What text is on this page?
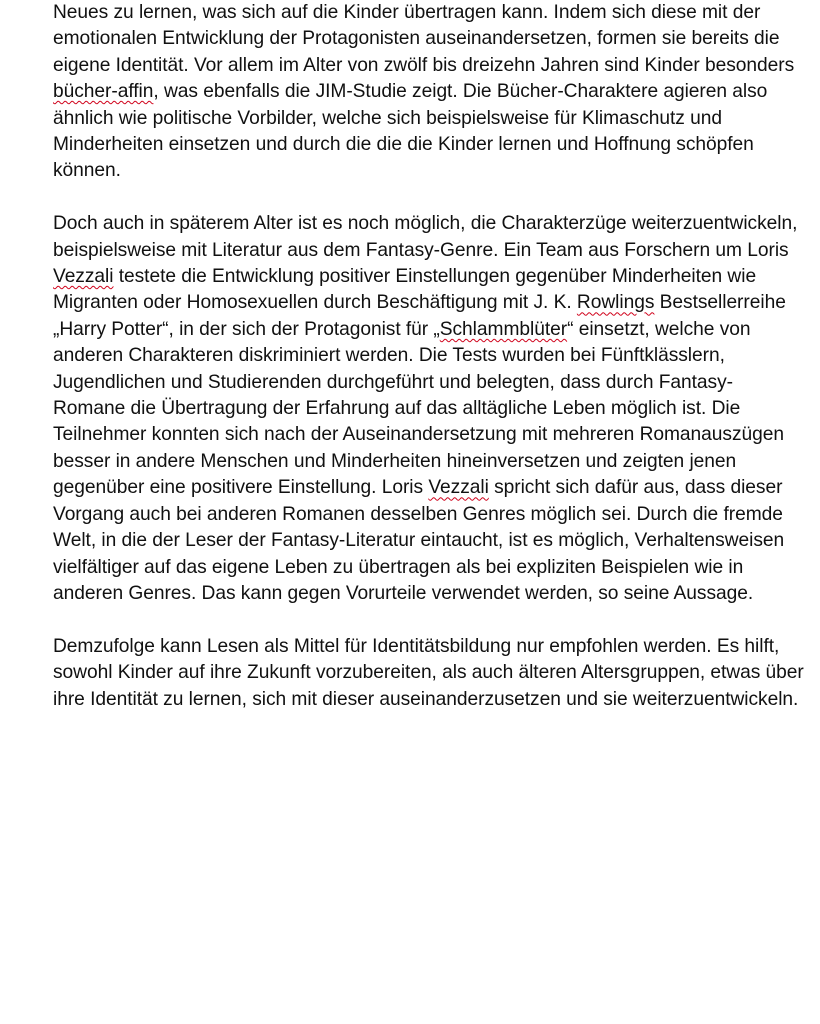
Neues zu lernen, was sich auf die Kinder übertragen kann. Indem sich diese mit der emotionalen Entwicklung der Protagonisten auseinandersetzen, formen sie bereits die eigene Identität. Vor allem im Alter von zwölf bis dreizehn Jahren sind Kinder besonders bücher-affin, was ebenfalls die JIM-Studie zeigt. Die Bücher-Charaktere agieren also ähnlich wie politische Vorbilder, welche sich beispielsweise für Klimaschutz und Minderheiten einsetzen und durch die die die Kinder lernen und Hoffnung schöpfen können.

Doch auch in späterem Alter ist es noch möglich, die Charakterzüge weiterzuentwickeln, beispielsweise mit Literatur aus dem Fantasy-Genre. Ein Team aus Forschern um Loris Vezzali testete die Entwicklung positiver Einstellungen gegenüber Minderheiten wie Migranten oder Homosexuellen durch Beschäftigung mit J. K. Rowlings Bestsellerreihe „Harry Potter“, in der sich der Protagonist für „Schlammblüter“ einsetzt, welche von anderen Charakteren diskriminiert werden. Die Tests wurden bei Fünftklässlern, Jugendlichen und Studierenden durchgeführt und belegten, dass durch Fantasy-Romane die Übertragung der Erfahrung auf das alltägliche Leben möglich ist. Die Teilnehmer konnten sich nach der Auseinandersetzung mit mehreren Romanauszügen besser in andere Menschen und Minderheiten hineinversetzen und zeigten jenen gegenüber eine positivere Einstellung. Loris Vezzali spricht sich dafür aus, dass dieser Vorgang auch bei anderen Romanen desselben Genres möglich sei. Durch die fremde Welt, in die der Leser der Fantasy-Literatur eintaucht, ist es möglich, Verhaltensweisen vielfältiger auf das eigene Leben zu übertragen als bei expliziten Beispielen wie in anderen Genres. Das kann gegen Vorurteile verwendet werden, so seine Aussage.

Demzufolge kann Lesen als Mittel für Identitätsbildung nur empfohlen werden. Es hilft, sowohl Kinder auf ihre Zukunft vorzubereiten, als auch älteren Altersgruppen, etwas über ihre Identität zu lernen, sich mit dieser auseinanderzusetzen und sie weiterzuentwickeln.
